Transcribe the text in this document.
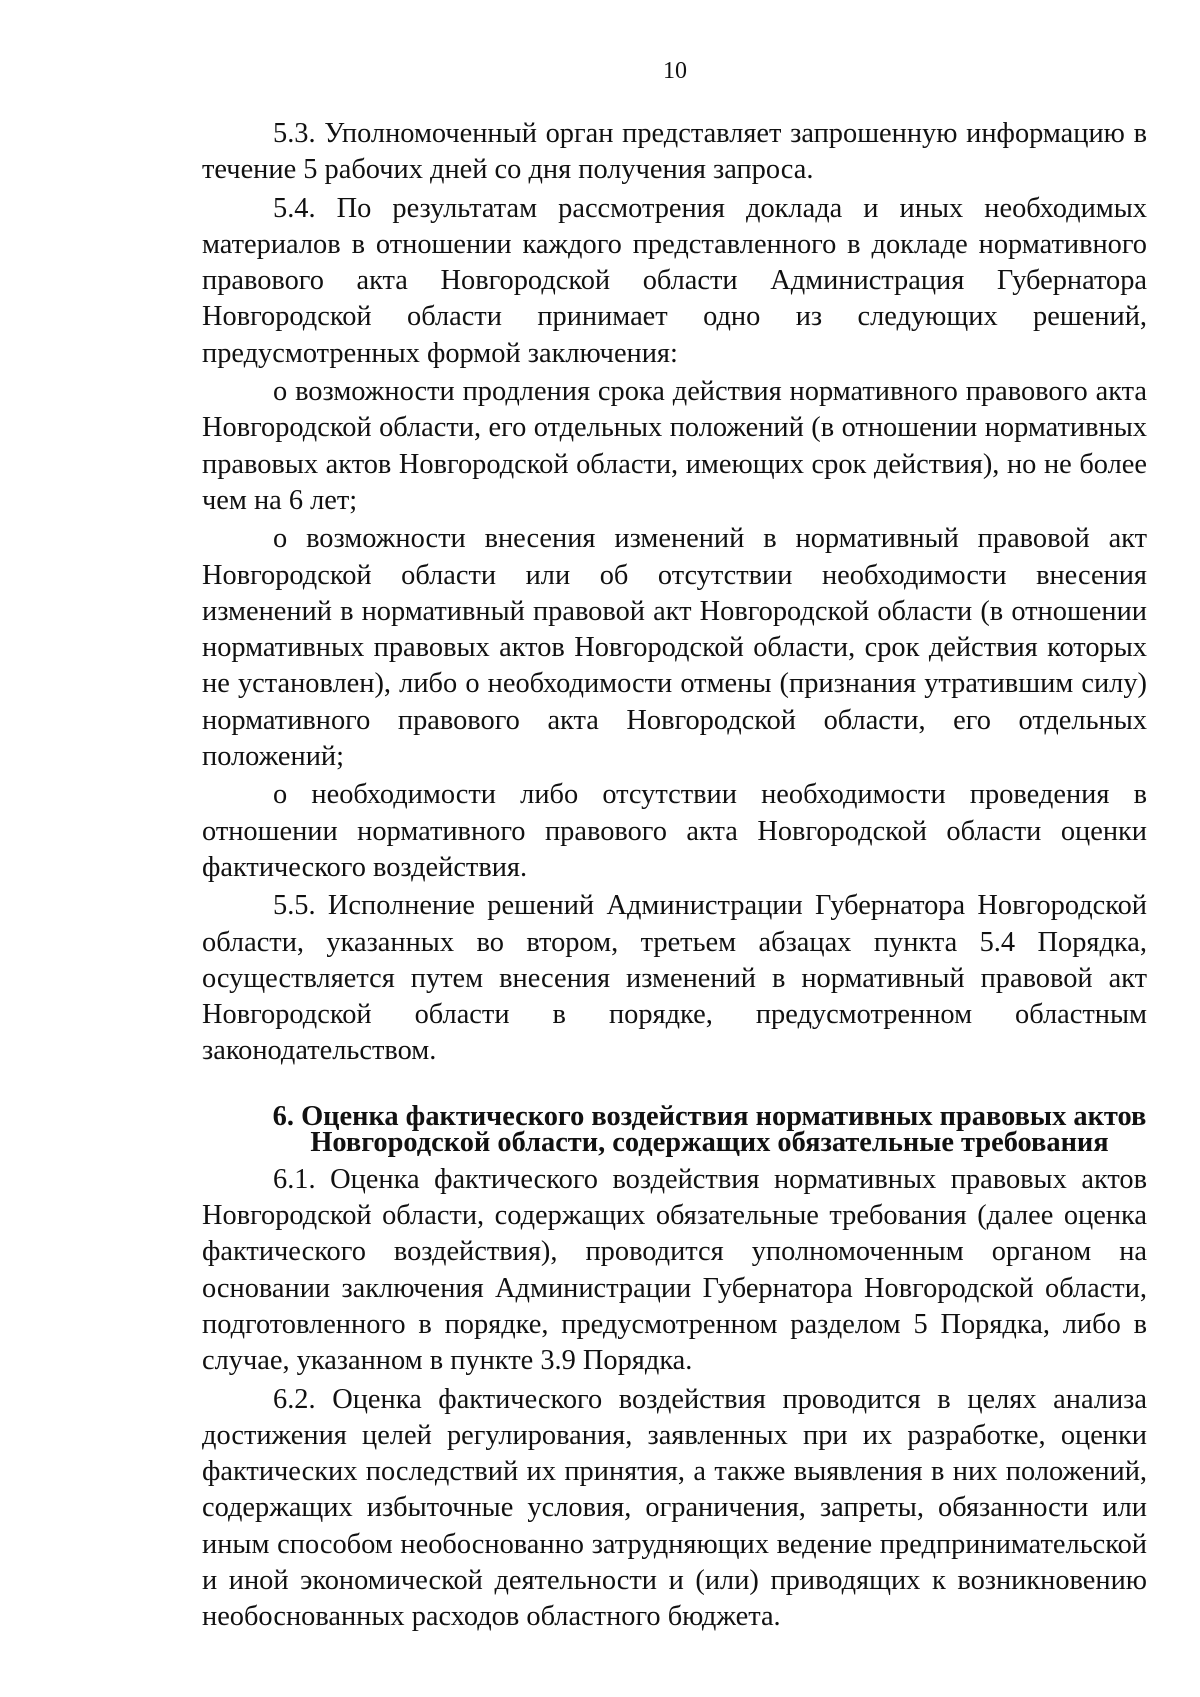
10

5.3. Уполномоченный орган представляет запрошенную информацию в течение 5 рабочих дней со дня получения запроса.

5.4. По результатам рассмотрения доклада и иных необходимых материалов в отношении каждого представленного в докладе нормативного правового акта Новгородской области Администрация Губернатора Новгородской области принимает одно из следующих решений, предусмотренных формой заключения:

о возможности продления срока действия нормативного правового акта Новгородской области, его отдельных положений (в отношении нормативных правовых актов Новгородской области, имеющих срок действия), но не более чем на 6 лет;

о возможности внесения изменений в нормативный правовой акт Новгородской области или об отсутствии необходимости внесения изменений в нормативный правовой акт Новгородской области (в отношении нормативных правовых актов Новгородской области, срок действия которых не установлен), либо о необходимости отмены (признания утратившим силу) нормативного правового акта Новгородской области, его отдельных положений;

о необходимости либо отсутствии необходимости проведения в отношении нормативного правового акта Новгородской области оценки фактического воздействия.

5.5. Исполнение решений Администрации Губернатора Новгородской области, указанных во втором, третьем абзацах пункта 5.4 Порядка, осуществляется путем внесения изменений в нормативный правовой акт Новгородской области в порядке, предусмотренном областным законодательством.

6. Оценка фактического воздействия нормативных правовых актов
Новгородской области, содержащих обязательные требования

6.1. Оценка фактического воздействия нормативных правовых актов Новгородской области, содержащих обязательные требования (далее оценка фактического воздействия), проводится уполномоченным органом на основании заключения Администрации Губернатора Новгородской области, подготовленного в порядке, предусмотренном разделом 5 Порядка, либо в случае, указанном в пункте 3.9 Порядка.

6.2. Оценка фактического воздействия проводится в целях анализа достижения целей регулирования, заявленных при их разработке, оценки фактических последствий их принятия, а также выявления в них положений, содержащих избыточные условия, ограничения, запреты, обязанности или иным способом необоснованно затрудняющих ведение предпринимательской и иной экономической деятельности и (или) приводящих к возникновению необоснованных расходов областного бюджета.
